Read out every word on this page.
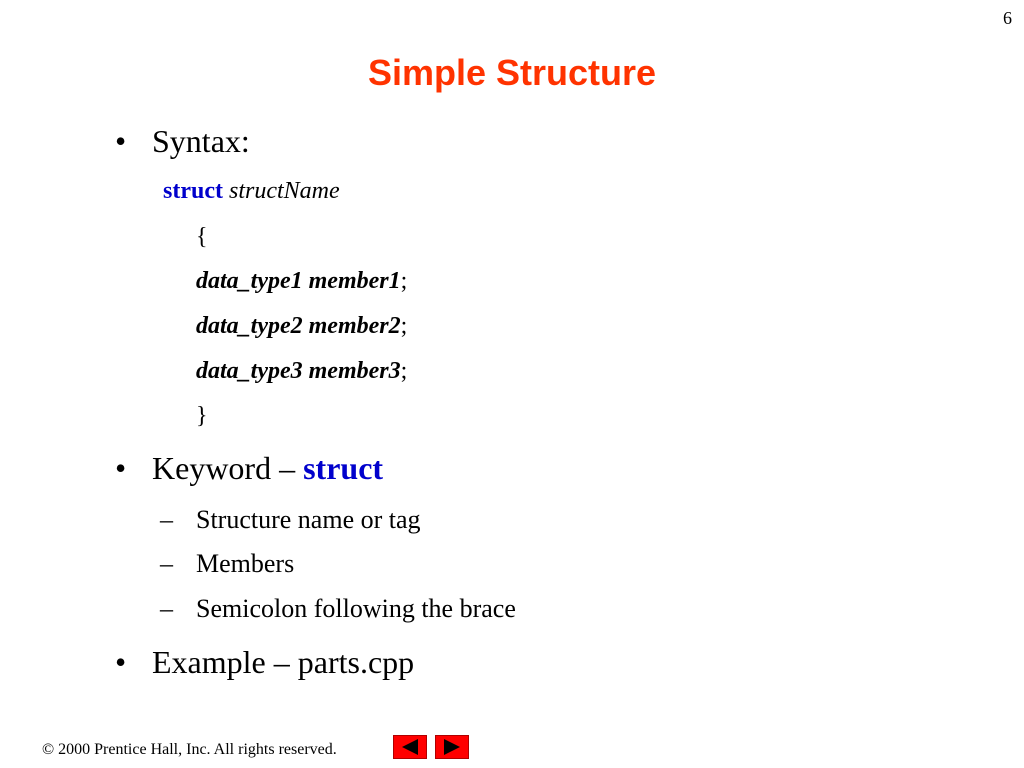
6
Simple Structure
• Syntax:
struct structName
{
data_type1 member1;
data_type2 member2;
data_type3 member3;
}
• Keyword – struct
– Structure name or tag
– Members
– Semicolon following the brace
• Example – parts.cpp
© 2000 Prentice Hall, Inc. All rights reserved.
